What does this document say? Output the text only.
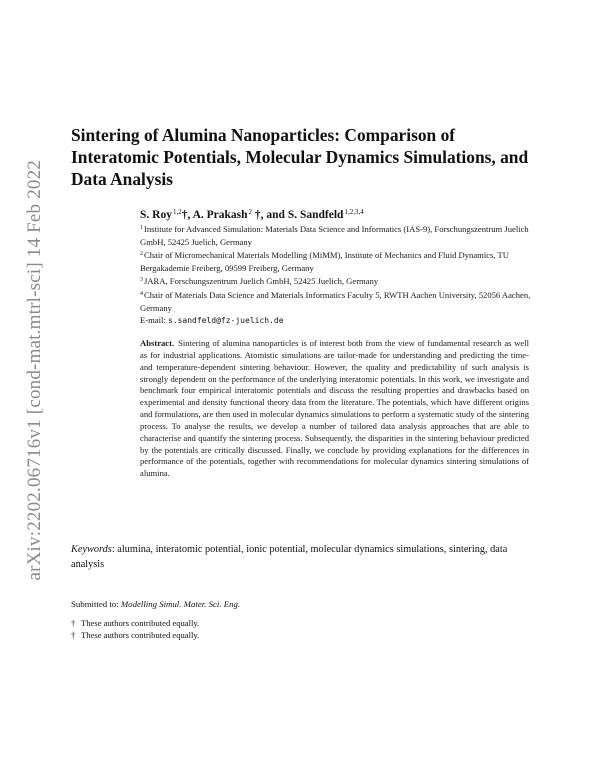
arXiv:2202.06716v1 [cond-mat.mtrl-sci] 14 Feb 2022
Sintering of Alumina Nanoparticles: Comparison of Interatomic Potentials, Molecular Dynamics Simulations, and Data Analysis

S. Roy$^{1,2}$†, A. Prakash$^2$ †, and S. Sandfeld$^{1,2,3,4}$

$^1$Institute for Advanced Simulation: Materials Data Science and Informatics (IAS-9), Forschungszentrum Juelich GmbH, 52425 Juelich, Germany

$^2$Chair of Micromechanical Materials Modelling (MiMM), Institute of Mechanics and Fluid Dynamics, TU Bergakademie Freiberg, 09599 Freiberg, Germany

$^3$JARA, Forschungszentrum Juelich GmbH, 52425 Juelich, Germany

$^4$Chair of Materials Data Science and Materials Informatics Faculty 5, RWTH Aachen University, 52056 Aachen, Germany

E-mail: s.sandfeld@fz-juelich.de

Abstract. Sintering of alumina nanoparticles is of interest both from the view of fundamental research as well as for industrial applications. Atomistic simulations are tailor-made for understanding and predicting the time- and temperature-dependent sintering behaviour. However, the quality and predictability of such analysis is strongly dependent on the performance of the underlying interatomic potentials. In this work, we investigate and benchmark four empirical interatomic potentials and discuss the resulting properties and drawbacks based on experimental and density functional theory data from the literature. The potentials, which have different origins and formulations, are then used in molecular dynamics simulations to perform a systematic study of the sintering process. To analyse the results, we develop a number of tailored data analysis approaches that are able to characterise and quantify the sintering process. Subsequently, the disparities in the sintering behaviour predicted by the potentials are critically discussed. Finally, we conclude by providing explanations for the differences in performance of the potentials, together with recommendations for molecular dynamics sintering simulations of alumina.

Keywords: alumina, interatomic potential, ionic potential, molecular dynamics simulations, sintering, data analysis

Submitted to: Modelling Simul. Mater. Sci. Eng.

† These authors contributed equally.

† These authors contributed equally.
